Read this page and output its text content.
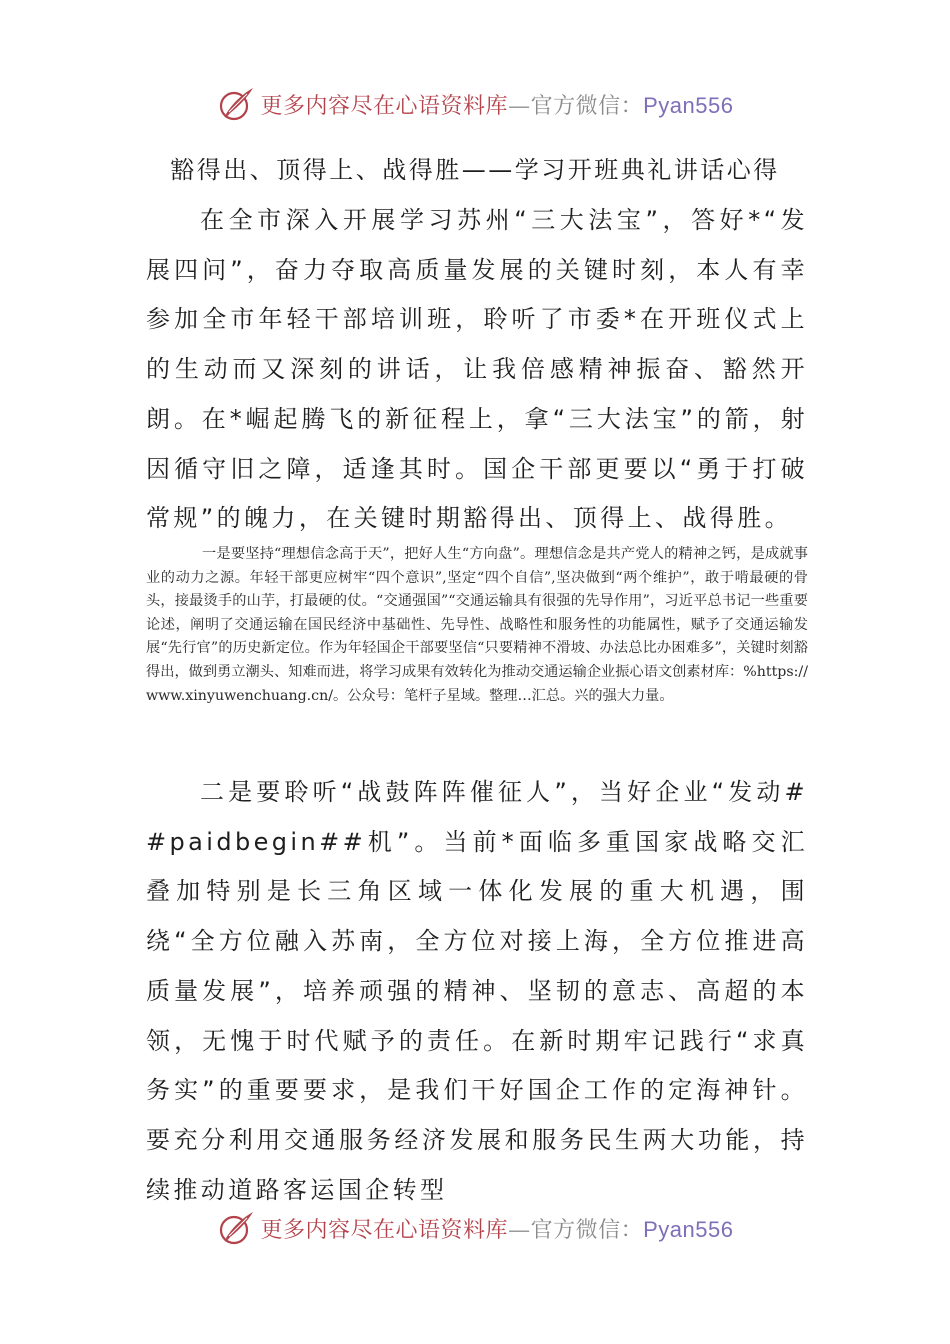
更多内容尽在心语资料库—官方微信：Pyan556
豁得出、顶得上、战得胜——学习开班典礼讲话心得

在全市深入开展学习苏州“三大法宝”，答好*“发展四问”，奋力夺取高质量发展的关键时刻，本人有幸参加全市年轻干部培训班，聆听了市委*在开班仪式上的生动而又深刻的讲话，让我倍感精神振奋、豁然开朗。在*崛起腾飞的新征程上，拿“三大法宝”的箭，射因循守旧之障，适逢其时。国企干部更要以“勇于打破常规”的魄力，在关键时期豁得出、顶得上、战得胜。

一是要坚持“理想信念高于天”，把好人生“方向盘”。理想信念是共产党人的精神之钙，是成就事业的动力之源。年轻干部更应树牢“四个意识”,坚定“四个自信”,坚决做到“两个维护”，敢于啃最硬的骨头，接最烫手的山芋，打最硬的仗。“交通强国”“交通运输具有很强的先导作用”，习近平总书记一些重要论述，阐明了交通运输在国民经济中基础性、先导性、战略性和服务性的功能属性，赋予了交通运输发展“先行官”的历史新定位。作为年轻国企干部要坚信“只要精神不滑坡、办法总比办困难多”，关键时刻豁得出，做到勇立潮头、知难而进，将学习成果有效转化为推动交通运输企业振心语文创素材库：%https://www.xinyuwenchuang.cn/。公众号：笔杆子星域。整理…汇总。兴的强大力量。

二是要聆听“战鼓阵阵催征人”，当好企业“发动##paidbegin##机”。当前*面临多重国家战略交汇叠加特别是长三角区域一体化发展的重大机遇，围绕“全方位融入苏南，全方位对接上海，全方位推进高质量发展”，培养顽强的精神、坚韧的意志、高超的本领，无愧于时代赋予的责任。在新时期牢记践行“求真务实”的重要要求，是我们干好国企工作的定海神针。要充分利用交通服务经济发展和服务民生两大功能，持续推动道路客运国企转型

更多内容尽在心语资料库—官方微信：Pyan556
